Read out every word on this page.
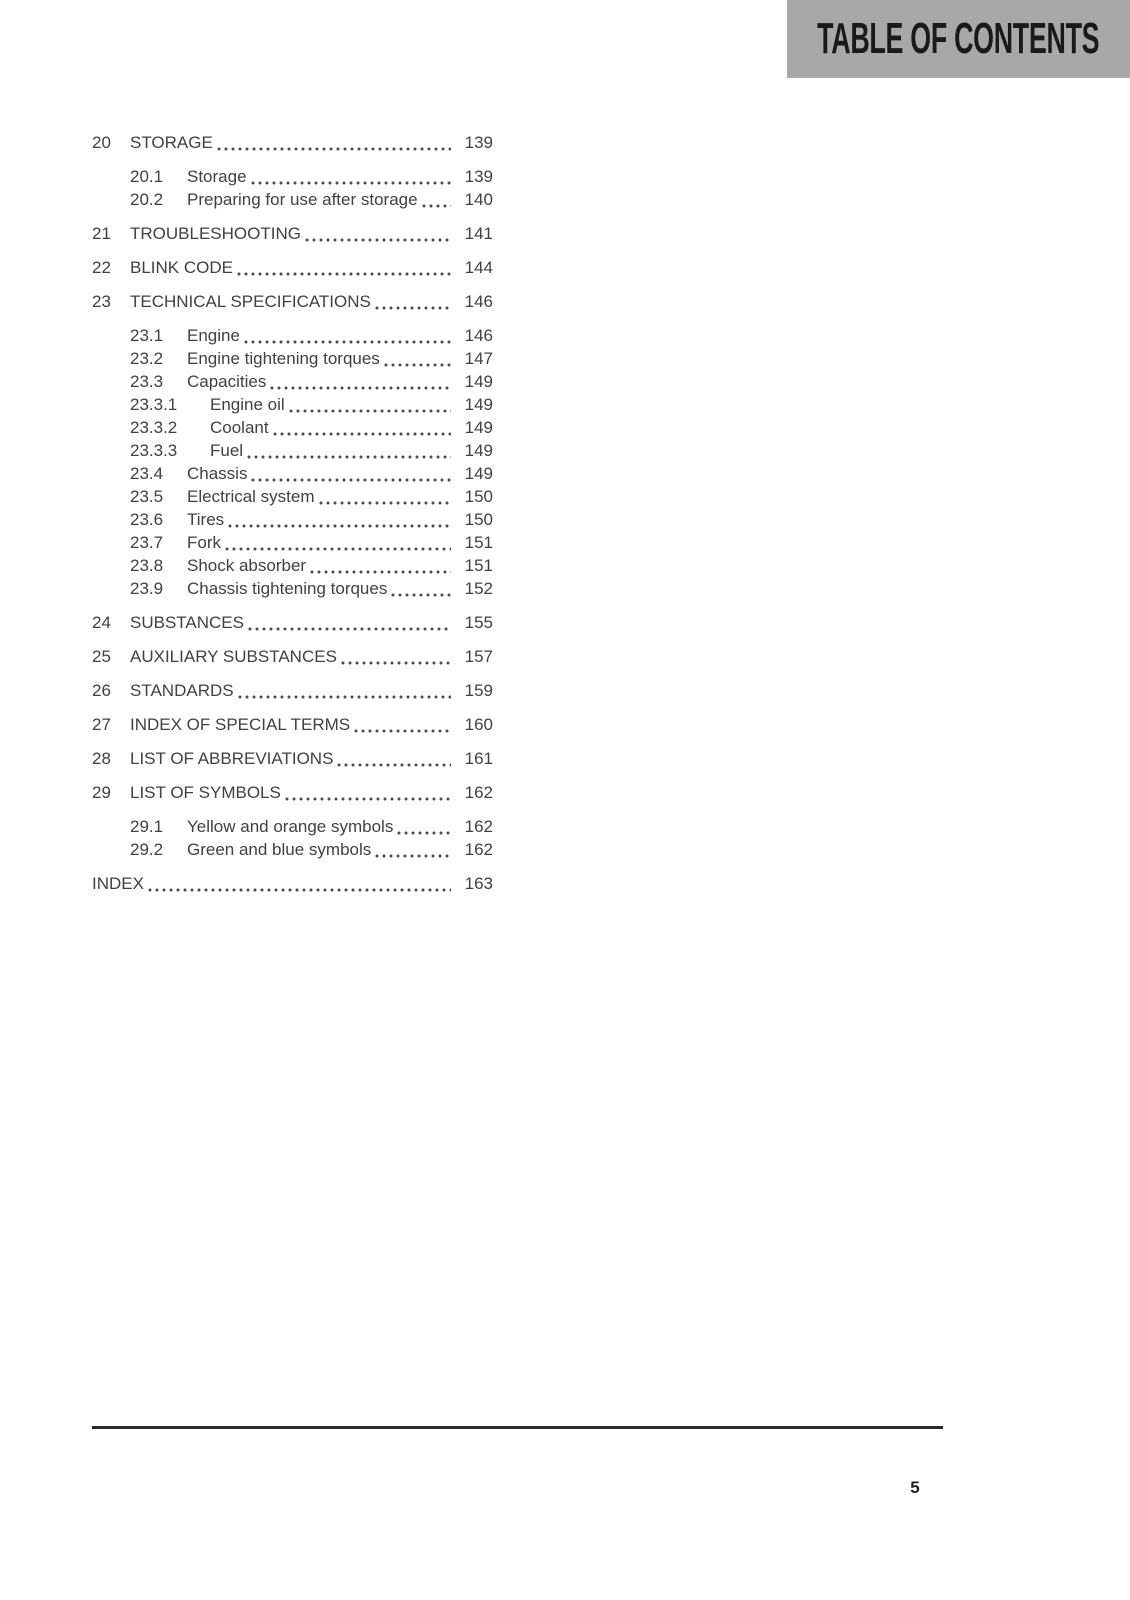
TABLE OF CONTENTS
20	STORAGE	139
20.1	Storage	139
20.2	Preparing for use after storage	140
21	TROUBLESHOOTING	141
22	BLINK CODE	144
23	TECHNICAL SPECIFICATIONS	146
23.1	Engine	146
23.2	Engine tightening torques	147
23.3	Capacities	149
23.3.1	Engine oil	149
23.3.2	Coolant	149
23.3.3	Fuel	149
23.4	Chassis	149
23.5	Electrical system	150
23.6	Tires	150
23.7	Fork	151
23.8	Shock absorber	151
23.9	Chassis tightening torques	152
24	SUBSTANCES	155
25	AUXILIARY SUBSTANCES	157
26	STANDARDS	159
27	INDEX OF SPECIAL TERMS	160
28	LIST OF ABBREVIATIONS	161
29	LIST OF SYMBOLS	162
29.1	Yellow and orange symbols	162
29.2	Green and blue symbols	162
INDEX	163
5
